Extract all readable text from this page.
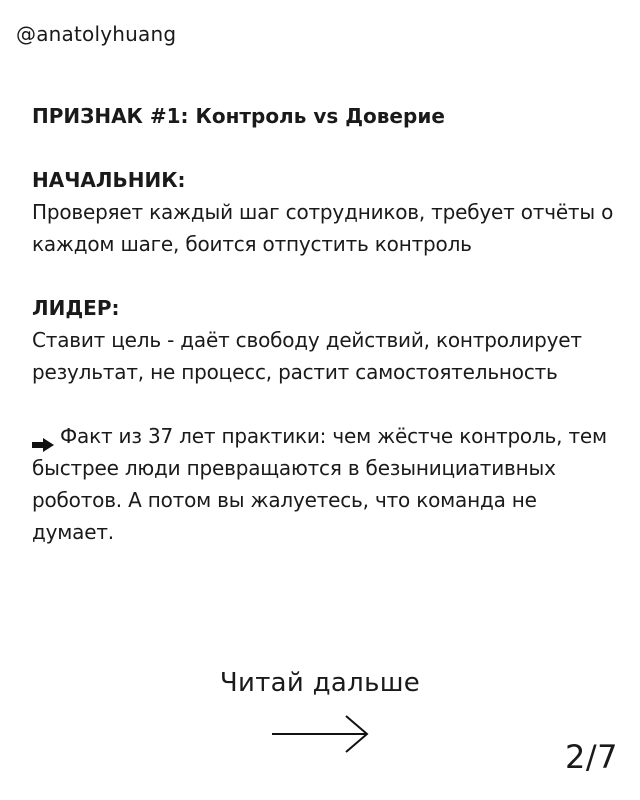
@anatolyhuang

ПРИЗНАК #1: Контроль vs Доверие

НАЧАЛЬНИК:

Проверяет каждый шаг сотрудников, требует отчёты о каждом шаге, боится отпустить контроль

ЛИДЕР:

Ставит цель - даёт свободу действий, контролирует результат, не процесс, растит самостоятельность

Факт из 37 лет практики: чем жёстче контроль, тем быстрее люди превращаются в безынициативных роботов. А потом вы жалуетесь, что команда не думает.

Читай дальше
2/7
